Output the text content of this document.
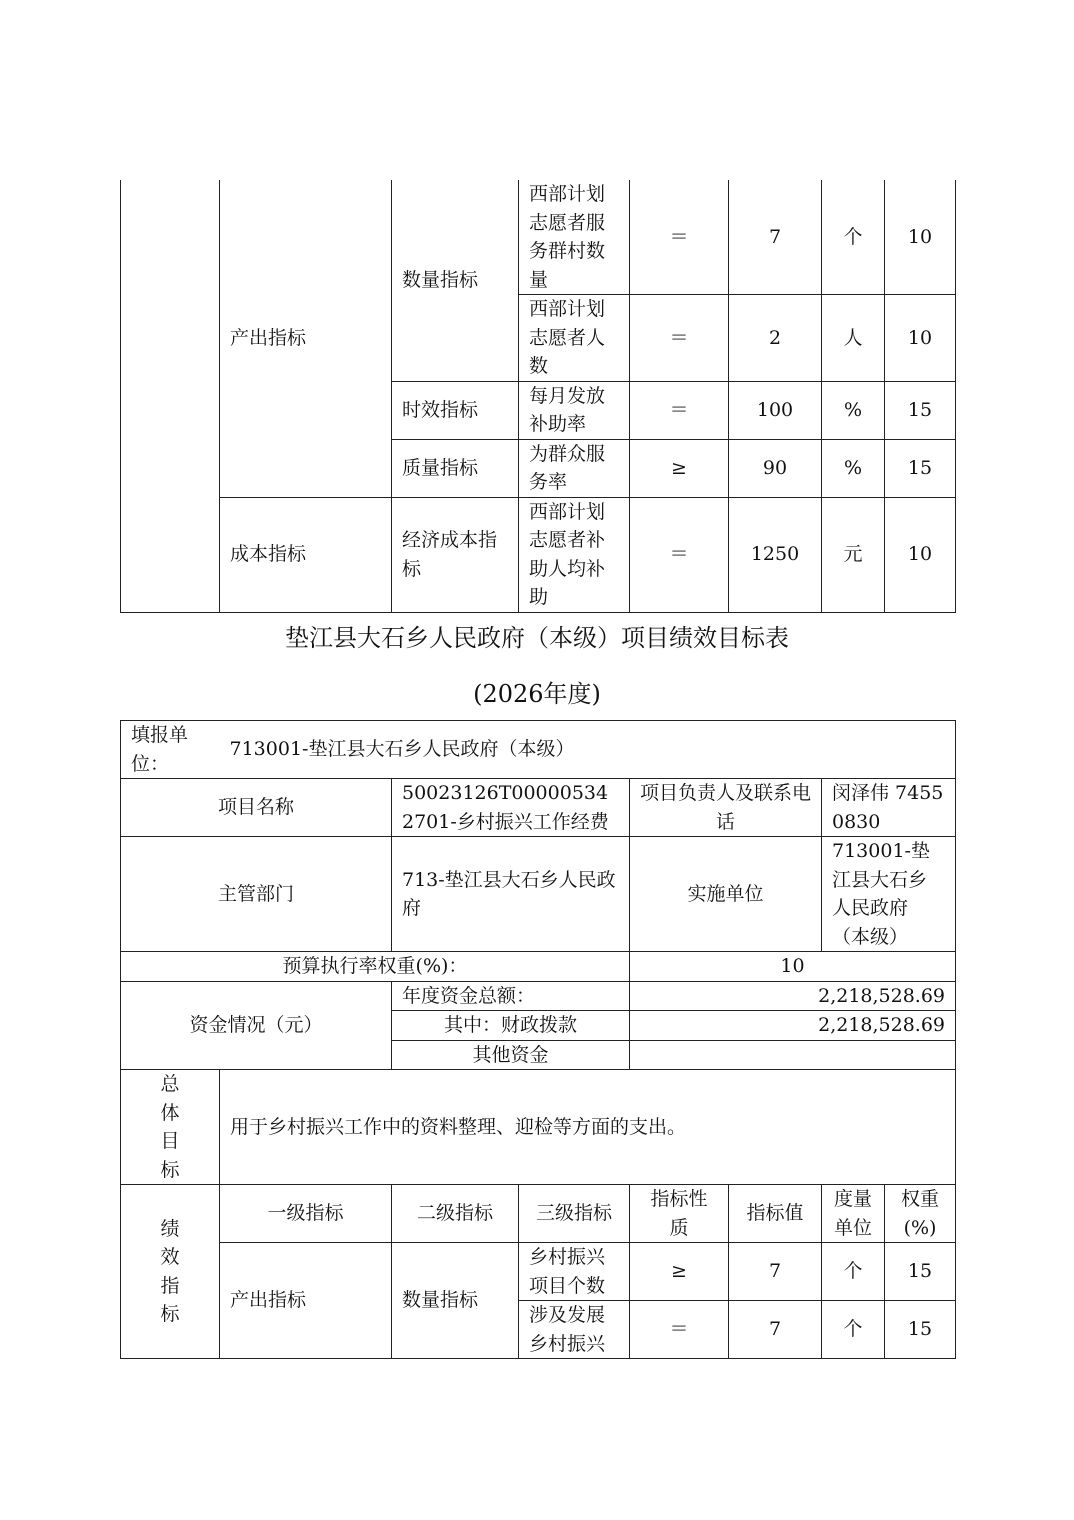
	产出指标	数量指标	西部计划志愿者服务群村数量	＝	7	个	10
			西部计划志愿者人数	＝	2	人	10
		时效指标	每月发放补助率	＝	100	%	15
		质量指标	为群众服务率	≥	90	%	15
	成本指标	经济成本指标	西部计划志愿者补助人均补助	＝	1250	元	10
垫江县大石乡人民政府（本级）项目绩效目标表
(2026年度)
填报单位：	713001-垫江县大石乡人民政府（本级）						
项目名称		50023126T000005342701-乡村振兴工作经费		项目负责人及联系电话		闵泽伟 74550830	
主管部门		713-垫江县大石乡人民政府		实施单位		713001-垫江县大石乡人民政府（本级）	
预算执行率权重(%)：				10			
资金情况（元）		年度资金总额：		2,218,528.69			
		其中：财政拨款		2,218,528.69			
		其他资金					
总体目标	用于乡村振兴工作中的资料整理、迎检等方面的支出。						
绩效指标	一级指标	二级指标	三级指标	指标性质	指标值	度量单位	权重(%)
	产出指标	数量指标	乡村振兴项目个数	≥	7	个	15
			涉及发展乡村振兴	＝	7	个	15
